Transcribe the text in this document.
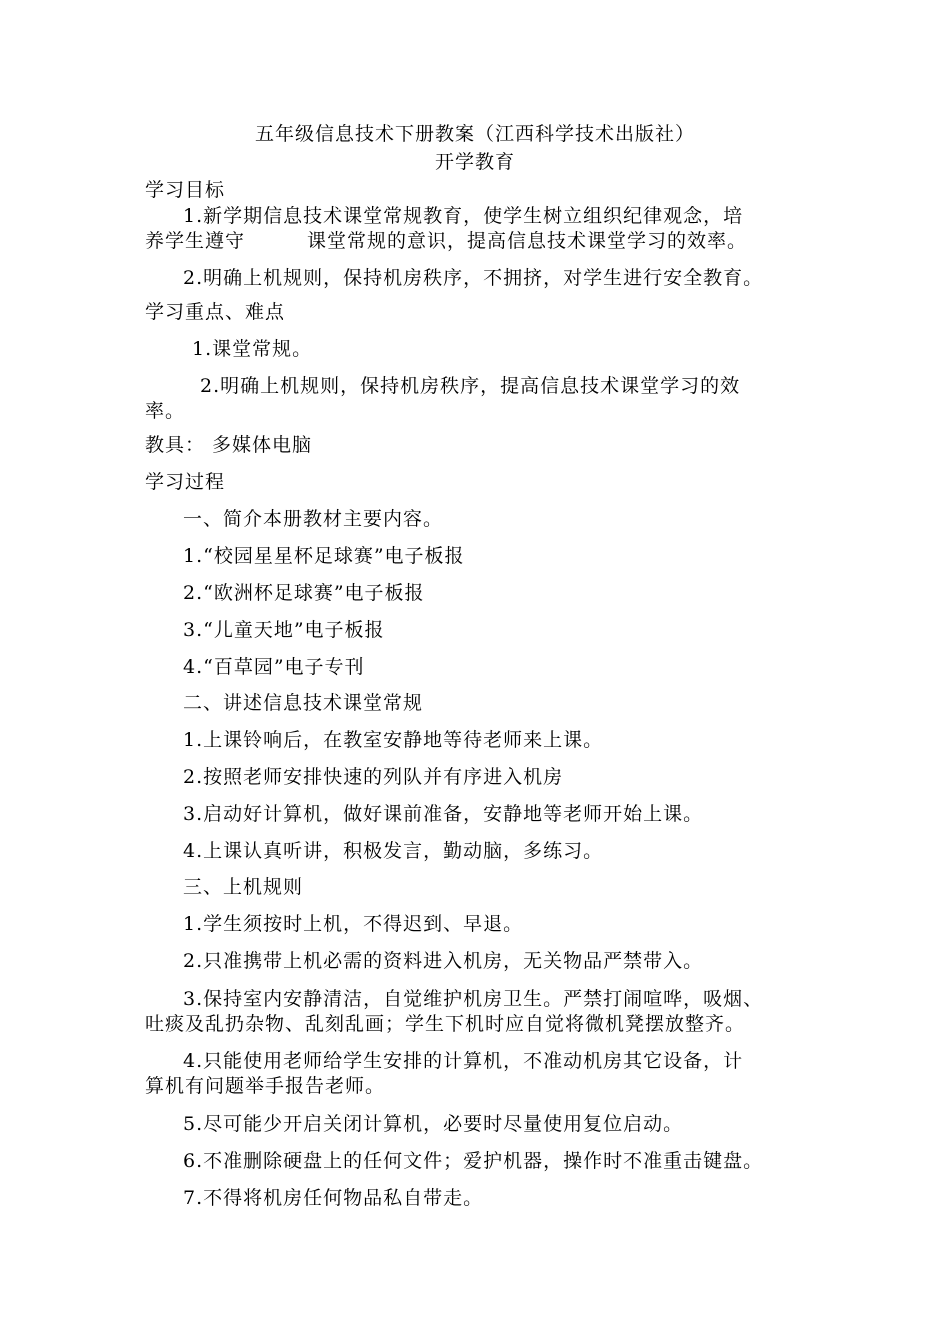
五年级信息技术下册教案（江西科学技术出版社）
开学教育
学习目标
1.新学期信息技术课堂常规教育，使学生树立组织纪律观念，培
养学生遵守	课堂常规的意识，提高信息技术课堂学习的效率。
2.明确上机规则，保持机房秩序，不拥挤，对学生进行安全教育。
学习重点、难点
1.课堂常规。
2.明确上机规则，保持机房秩序，提高信息技术课堂学习的效
率。
教具： 多媒体电脑
学习过程
一、简介本册教材主要内容。
1.“校园星星杯足球赛”电子板报
2.“欧洲杯足球赛”电子板报
3.“儿童天地”电子板报
4.“百草园”电子专刊
二、讲述信息技术课堂常规
1.上课铃响后，在教室安静地等待老师来上课。
2.按照老师安排快速的列队并有序进入机房
3.启动好计算机，做好课前准备，安静地等老师开始上课。
4.上课认真听讲，积极发言，勤动脑，多练习。
三、上机规则
1.学生须按时上机，不得迟到、早退。
2.只准携带上机必需的资料进入机房，无关物品严禁带入。
3.保持室内安静清洁，自觉维护机房卫生。严禁打闹喧哗，吸烟、
吐痰及乱扔杂物、乱刻乱画；学生下机时应自觉将微机凳摆放整齐。
4.只能使用老师给学生安排的计算机，不准动机房其它设备，计
算机有问题举手报告老师。
5.尽可能少开启关闭计算机，必要时尽量使用复位启动。
6.不准删除硬盘上的任何文件；爱护机器，操作时不准重击键盘。
7.不得将机房任何物品私自带走。
